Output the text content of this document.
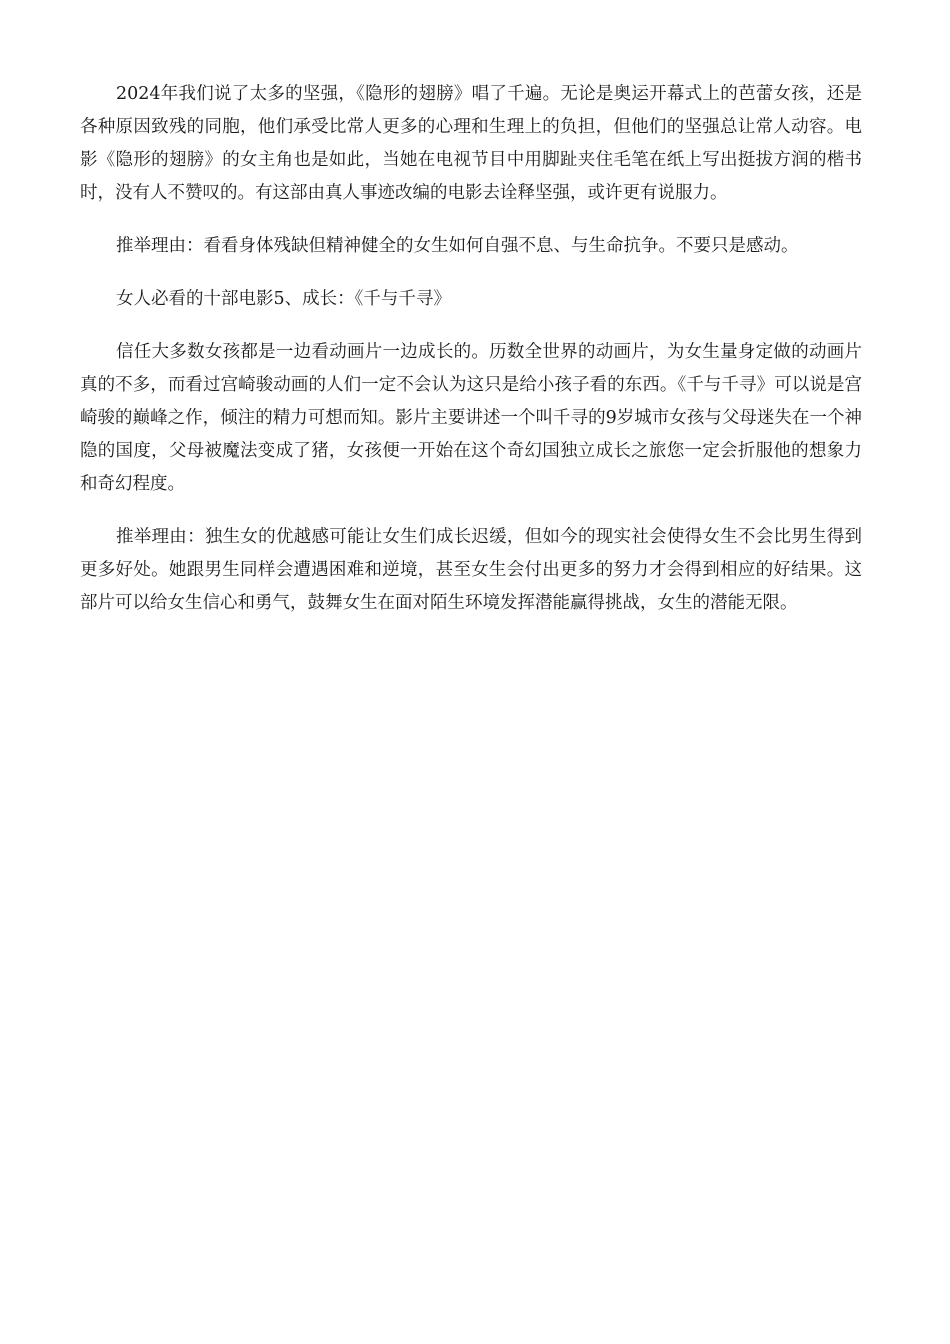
2024年我们说了太多的坚强，《隐形的翅膀》唱了千遍。无论是奥运开幕式上的芭蕾女孩，还是各种原因致残的同胞，他们承受比常人更多的心理和生理上的负担，但他们的坚强总让常人动容。电影《隐形的翅膀》的女主角也是如此，当她在电视节目中用脚趾夹住毛笔在纸上写出挺拔方润的楷书时，没有人不赞叹的。有这部由真人事迹改编的电影去诠释坚强，或许更有说服力。

推举理由：看看身体残缺但精神健全的女生如何自强不息、与生命抗争。不要只是感动。

女人必看的十部电影5、成长：《千与千寻》

信任大多数女孩都是一边看动画片一边成长的。历数全世界的动画片，为女生量身定做的动画片真的不多，而看过宫崎骏动画的人们一定不会认为这只是给小孩子看的东西。《千与千寻》可以说是宫崎骏的巅峰之作，倾注的精力可想而知。影片主要讲述一个叫千寻的9岁城市女孩与父母迷失在一个神隐的国度，父母被魔法变成了猪，女孩便一开始在这个奇幻国独立成长之旅您一定会折服他的想象力和奇幻程度。

推举理由：独生女的优越感可能让女生们成长迟缓，但如今的现实社会使得女生不会比男生得到更多好处。她跟男生同样会遭遇困难和逆境，甚至女生会付出更多的努力才会得到相应的好结果。这部片可以给女生信心和勇气，鼓舞女生在面对陌生环境发挥潜能赢得挑战，女生的潜能无限。
